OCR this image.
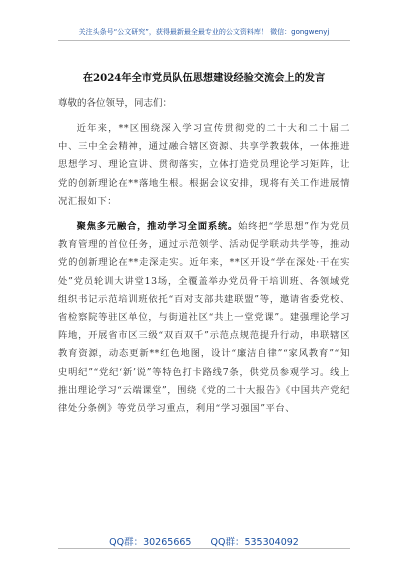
关注头条号“公文研究”，获得最新最全最专业的公文资料库！ 微信：gongwenyj
在2024年全市党员队伍思想建设经验交流会上的发言
尊敬的各位领导，同志们：

近年来，**区围绕深入学习宣传贯彻党的二十大和二十届二中、三中全会精神，通过融合辖区资源、共享学教载体，一体推进思想学习、理论宣讲、贯彻落实，立体打造党员理论学习矩阵，让党的创新理论在**落地生根。根据会议安排，现将有关工作进展情况汇报如下：

聚焦多元融合，推动学习全面系统。始终把“学思想”作为党员教育管理的首位任务，通过示范领学、活动促学联动共学等，推动党的创新理论在**走深走实。近年来，**区开设“学在深处·干在实处”党员轮训大讲堂13场，全覆盖举办党员骨干培训班、各领域党组织书记示范培训班依托“百对支部共建联盟”等，邀请省委党校、省检察院等驻区单位，与街道社区“共上一堂党课”。建强理论学习阵地，开展省市区三级“双百双千”示范点规范提升行动，串联辖区教育资源，动态更新**红色地图，设计“廉洁自律”“家风教育”“知史明纪”“党纪‘新’说”等特色打卡路线7条，供党员参观学习。线上推出理论学习“云端课堂”，围绕《党的二十大报告》《中国共产党纪律处分条例》等党员学习重点，利用“学习强国”平台、

QQ群：30265665 QQ群：535304092
